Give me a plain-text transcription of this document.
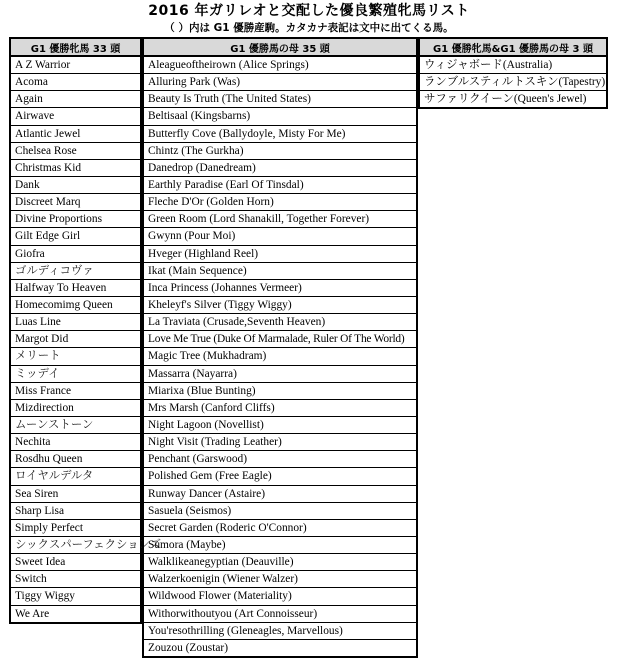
2016 年ガリレオと交配した優良繁殖牝馬リスト
（ ）内は G1 優勝産駒。カタカナ表記は文中に出てくる馬。
G1 優勝牝馬 33 頭
A Z Warrior
Acoma
Again
Airwave
Atlantic Jewel
Chelsea Rose
Christmas Kid
Dank
Discreet Marq
Divine Proportions
Gilt Edge Girl
Giofra
ゴルディコヴァ
Halfway To Heaven
Homecomimg Queen
Luas Line
Margot Did
メリート
ミッデイ
Miss France
Mizdirection
ムーンストーン
Nechita
Rosdhu Queen
ロイヤルデルタ
Sea Siren
Sharp Lisa
Simply Perfect
シックスパーフェクションズ
Sweet Idea
Switch
Tiggy Wiggy
We Are
G1 優勝馬の母 35 頭
Aleagueoftheirown (Alice Springs)
Alluring Park (Was)
Beauty Is Truth (The United States)
Beltisaal (Kingsbarns)
Butterfly Cove (Ballydoyle, Misty For Me)
Chintz (The Gurkha)
Danedrop (Danedream)
Earthly Paradise (Earl Of Tinsdal)
Fleche D'Or (Golden Horn)
Green Room (Lord Shanakill, Together Forever)
Gwynn (Pour Moi)
Hveger (Highland Reel)
Ikat (Main Sequence)
Inca Princess (Johannes Vermeer)
Kheleyf's Silver (Tiggy Wiggy)
La Traviata (Crusade,Seventh Heaven)
Love Me True (Duke Of Marmalade, Ruler Of The World)
Magic Tree (Mukhadram)
Massarra (Nayarra)
Miarixa (Blue Bunting)
Mrs Marsh (Canford Cliffs)
Night Lagoon (Novellist)
Night Visit (Trading Leather)
Penchant (Garswood)
Polished Gem (Free Eagle)
Runway Dancer (Astaire)
Sasuela (Seismos)
Secret Garden (Roderic O'Connor)
Sumora (Maybe)
Walklikeanegyptian (Deauville)
Walzerkoenigin (Wiener Walzer)
Wildwood Flower (Materiality)
Withorwithoutyou (Art Connoisseur)
You'resothrilling (Gleneagles, Marvellous)
Zouzou (Zoustar)
G1 優勝牝馬&G1 優勝馬の母 3 頭
ウィジャボード(Australia)
ランブルスティルトスキン(Tapestry)
サファリクイーン(Queen's Jewel)
